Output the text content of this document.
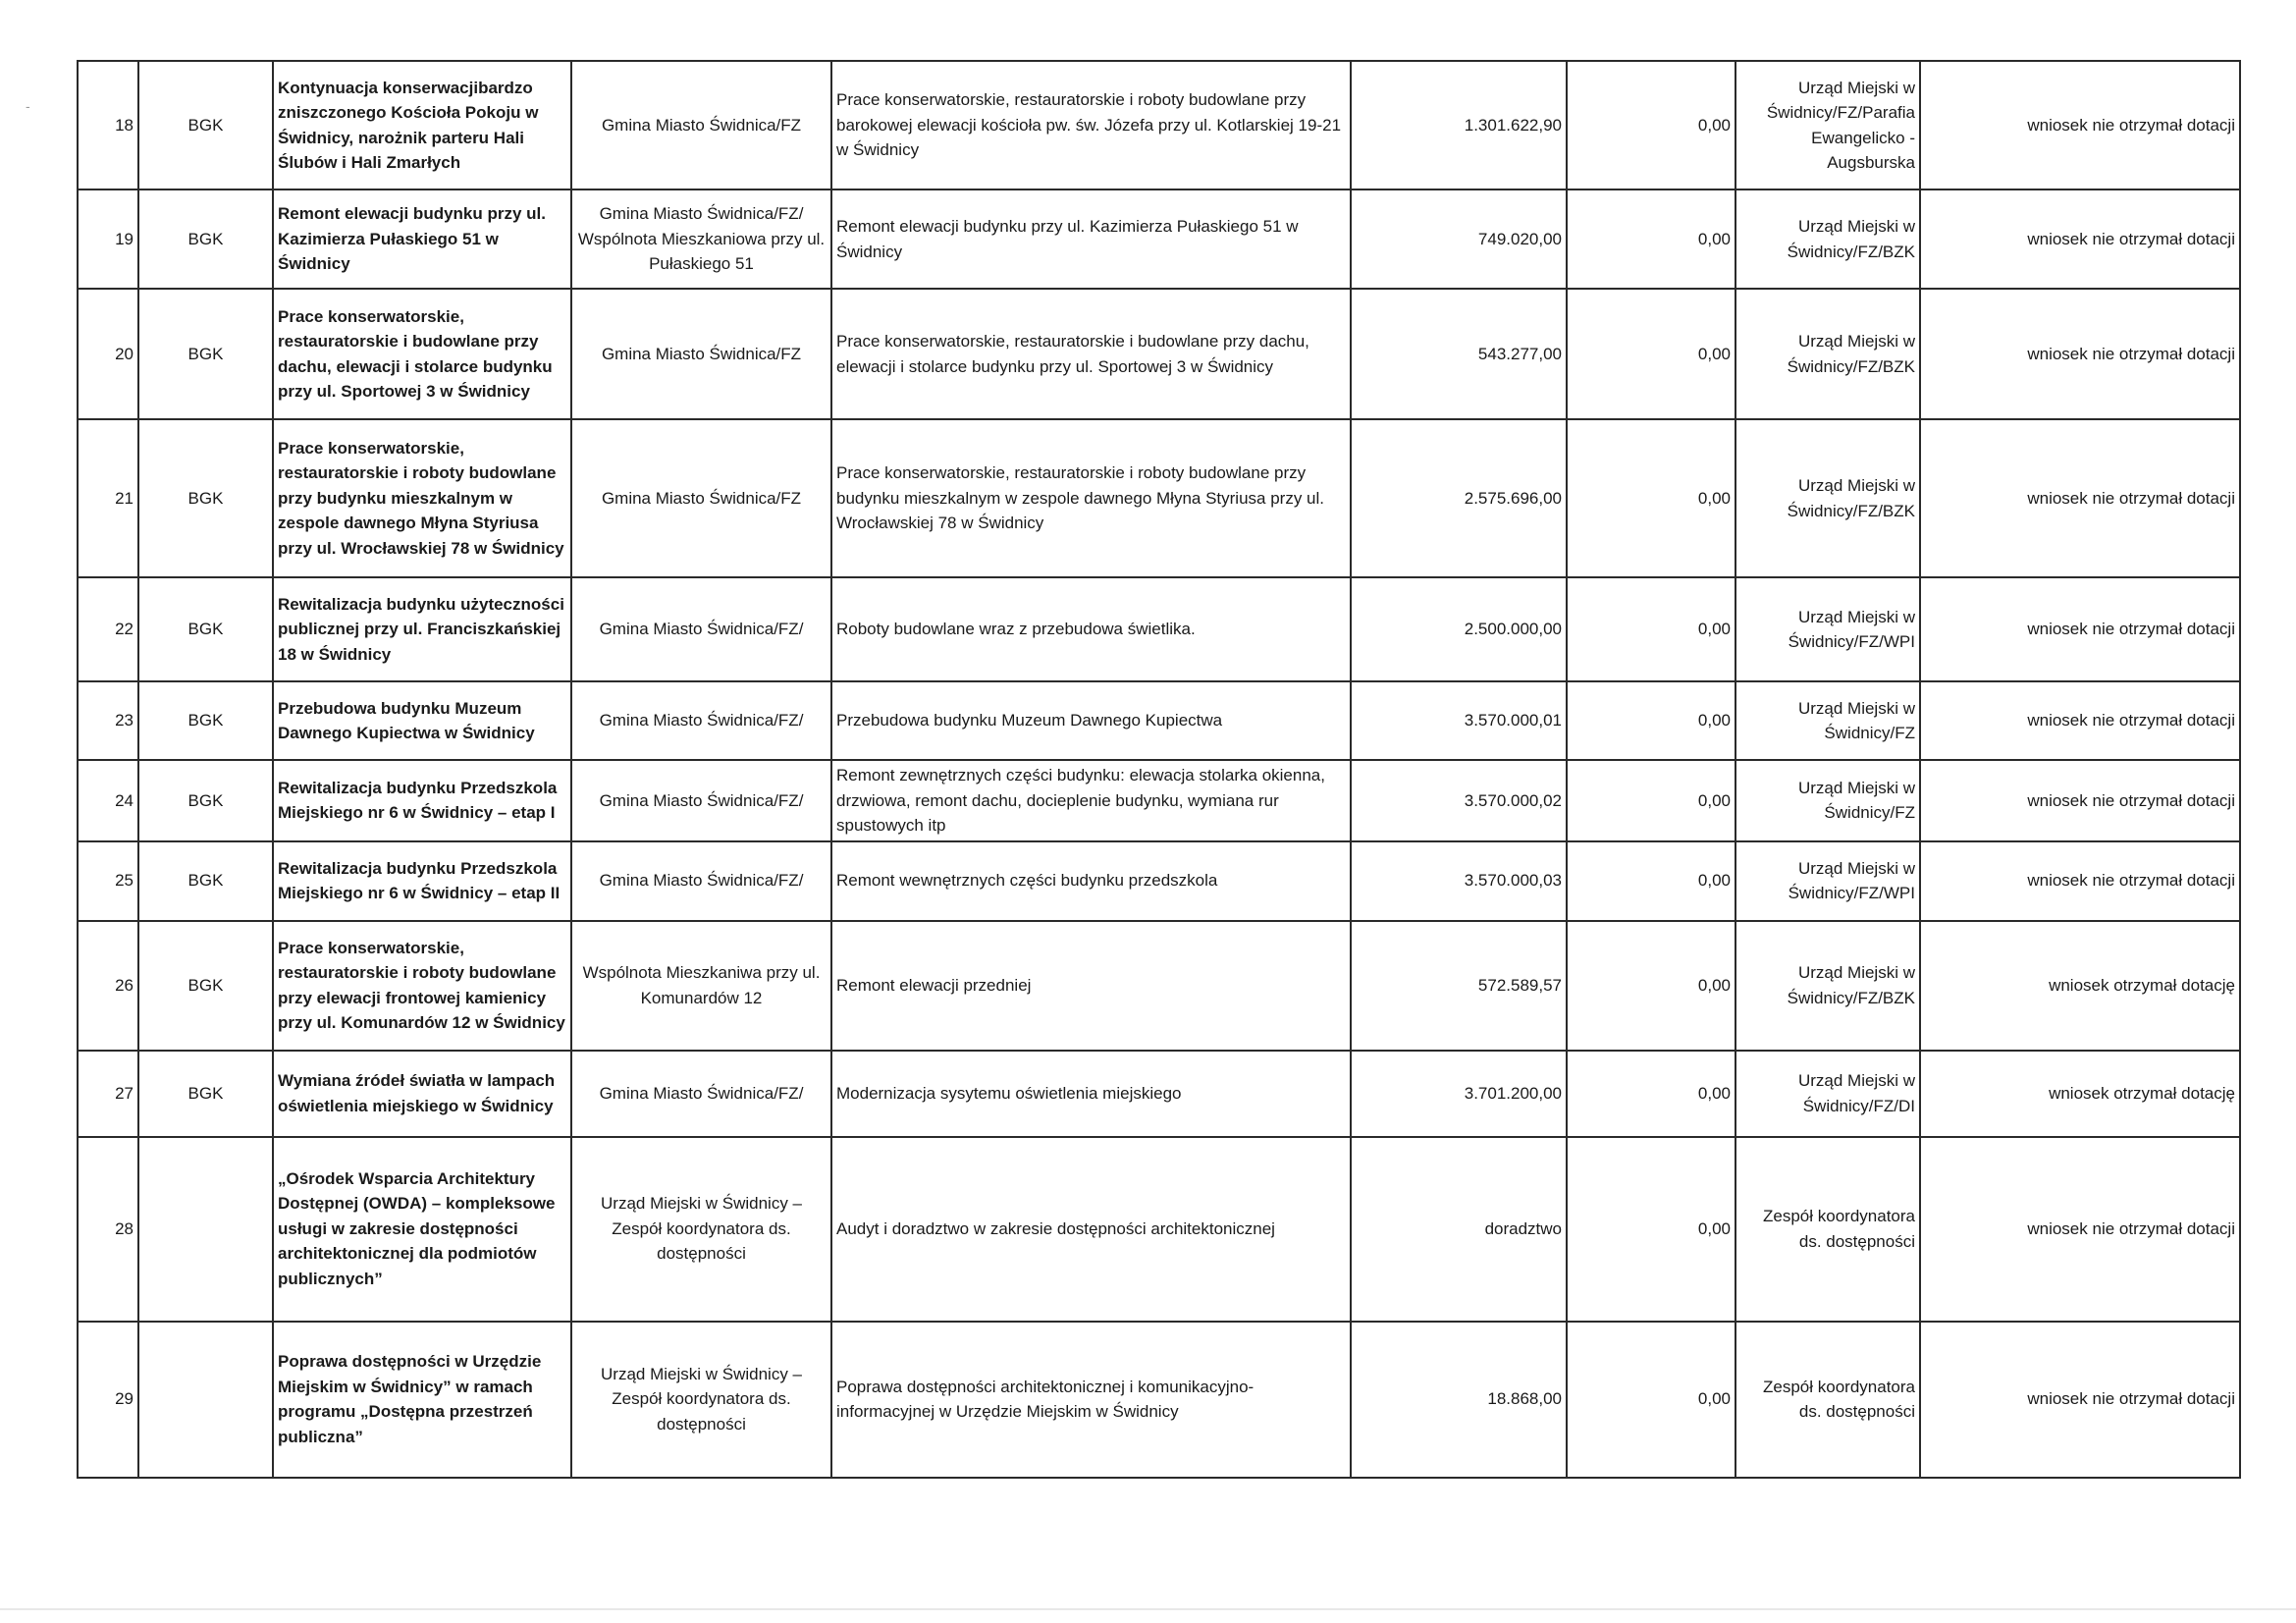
-
18	BGK	Kontynuacja konserwacjibardzo zniszczonego Kościoła Pokoju w Świdnicy, narożnik parteru Hali Ślubów i Hali Zmarłych	Gmina Miasto Świdnica/FZ	Prace konserwatorskie, restauratorskie i roboty budowlane przy barokowej elewacji kościoła pw. św. Józefa przy ul. Kotlarskiej 19-21 w Świdnicy	1.301.622,90	0,00	Urząd Miejski w Świdnicy/FZ/Parafia Ewangelicko - Augsburska	wniosek nie otrzymał dotacji
19	BGK	Remont elewacji budynku przy ul. Kazimierza Pułaskiego 51 w Świdnicy	Gmina Miasto Świdnica/FZ/ Wspólnota Mieszkaniowa przy ul. Pułaskiego 51	Remont elewacji budynku przy ul. Kazimierza Pułaskiego 51 w Świdnicy	749.020,00	0,00	Urząd Miejski w Świdnicy/FZ/BZK	wniosek nie otrzymał dotacji
20	BGK	Prace konserwatorskie, restauratorskie i budowlane przy dachu, elewacji i stolarce budynku przy ul. Sportowej 3 w Świdnicy	Gmina Miasto Świdnica/FZ	Prace konserwatorskie, restauratorskie i budowlane przy dachu, elewacji i stolarce budynku przy ul. Sportowej 3 w Świdnicy	543.277,00	0,00	Urząd Miejski w Świdnicy/FZ/BZK	wniosek nie otrzymał dotacji
21	BGK	Prace konserwatorskie, restauratorskie i roboty budowlane przy budynku mieszkalnym w zespole dawnego Młyna Styriusa przy ul. Wrocławskiej 78 w Świdnicy	Gmina Miasto Świdnica/FZ	Prace konserwatorskie, restauratorskie i roboty budowlane przy budynku mieszkalnym w zespole dawnego Młyna Styriusa przy ul. Wrocławskiej 78 w Świdnicy	2.575.696,00	0,00	Urząd Miejski w Świdnicy/FZ/BZK	wniosek nie otrzymał dotacji
22	BGK	Rewitalizacja budynku użyteczności publicznej przy ul. Franciszkańskiej 18 w Świdnicy	Gmina Miasto Świdnica/FZ/	Roboty budowlane wraz z przebudowa świetlika.	2.500.000,00	0,00	Urząd Miejski w Świdnicy/FZ/WPI	wniosek nie otrzymał dotacji
23	BGK	Przebudowa budynku Muzeum Dawnego Kupiectwa w Świdnicy	Gmina Miasto Świdnica/FZ/	Przebudowa budynku Muzeum Dawnego Kupiectwa	3.570.000,01	0,00	Urząd Miejski w Świdnicy/FZ	wniosek nie otrzymał dotacji
24	BGK	Rewitalizacja budynku Przedszkola Miejskiego nr 6 w Świdnicy – etap I	Gmina Miasto Świdnica/FZ/	Remont zewnętrznych części budynku: elewacja stolarka okienna, drzwiowa, remont dachu, docieplenie budynku, wymiana rur spustowych itp	3.570.000,02	0,00	Urząd Miejski w Świdnicy/FZ	wniosek nie otrzymał dotacji
25	BGK	Rewitalizacja budynku Przedszkola Miejskiego nr 6 w Świdnicy – etap II	Gmina Miasto Świdnica/FZ/	Remont wewnętrznych części budynku przedszkola	3.570.000,03	0,00	Urząd Miejski w Świdnicy/FZ/WPI	wniosek nie otrzymał dotacji
26	BGK	Prace konserwatorskie, restauratorskie i roboty budowlane przy elewacji frontowej kamienicy przy ul. Komunardów 12 w Świdnicy	Wspólnota Mieszkaniwa przy ul. Komunardów 12	Remont elewacji przedniej	572.589,57	0,00	Urząd Miejski w Świdnicy/FZ/BZK	wniosek otrzymał dotację
27	BGK	Wymiana źródeł światła w lampach oświetlenia miejskiego w Świdnicy	Gmina Miasto Świdnica/FZ/	Modernizacja sysytemu oświetlenia miejskiego	3.701.200,00	0,00	Urząd Miejski w Świdnicy/FZ/DI	wniosek otrzymał dotację
28		„Ośrodek Wsparcia Architektury Dostępnej (OWDA) – kompleksowe usługi w zakresie dostępności architektonicznej dla podmiotów publicznych”	Urząd Miejski w Świdnicy – Zespół koordynatora ds. dostępności	Audyt i doradztwo w zakresie dostępności architektonicznej	doradztwo	0,00	Zespół koordynatora ds. dostępności	wniosek nie otrzymał dotacji
29		Poprawa dostępności w Urzędzie Miejskim w Świdnicy” w ramach programu „Dostępna przestrzeń publiczna”	Urząd Miejski w Świdnicy – Zespół koordynatora ds. dostępności	Poprawa dostępności architektonicznej i komunikacyjno-informacyjnej w Urzędzie Miejskim w Świdnicy	18.868,00	0,00	Zespół koordynatora ds. dostępności	wniosek nie otrzymał dotacji
